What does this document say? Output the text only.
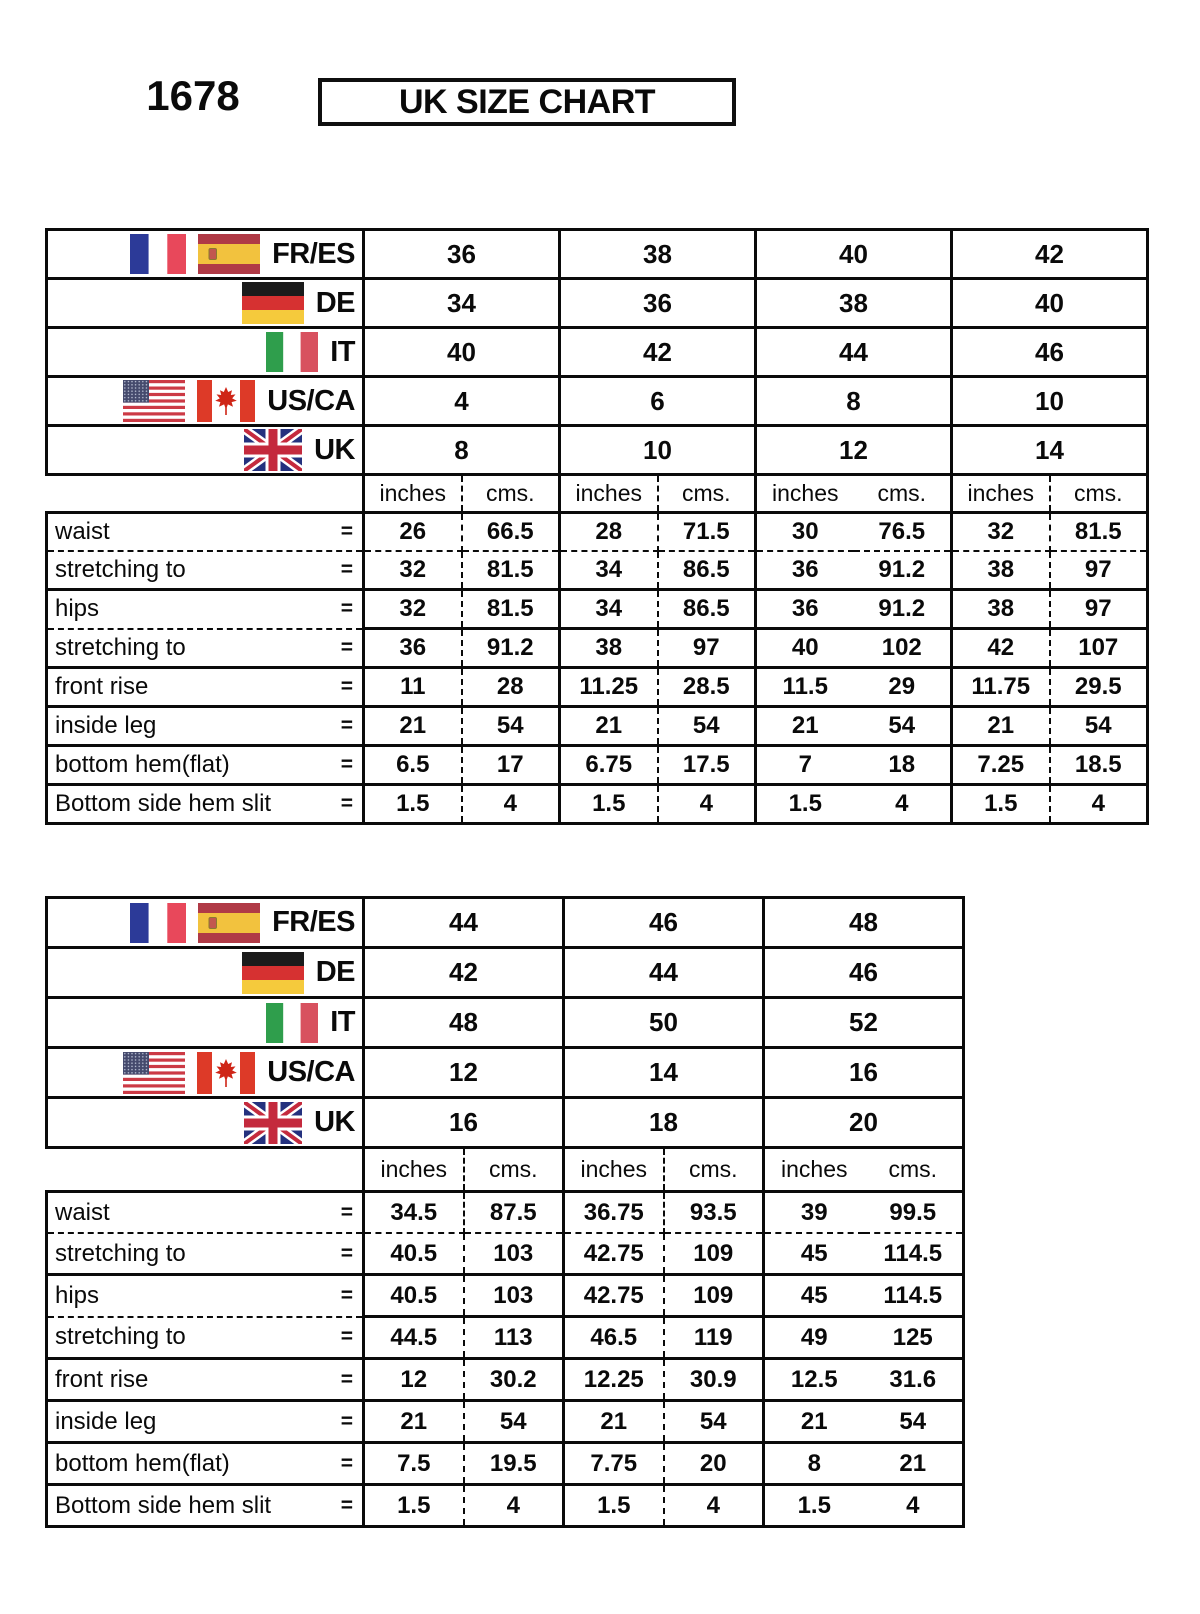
1678	UK SIZE CHART
FR/ES	36		38		40		42	

DE	34		36		38		40	

IT	40		42		44		46	

US/CA	4		6		8		10	

UK	8		10		12		14	
	inches	cms.	inches	cms.	inches	cms.	inches	cms.

waist =	26	66.5	28	71.5	30	76.5	32	81.5

stretching to =	32	81.5	34	86.5	36	91.2	38	97

hips =	32	81.5	34	86.5	36	91.2	38	97

stretching to =	36	91.2	38	97	40	102	42	107

front rise =	11	28	11.25	28.5	11.5	29	11.75	29.5

inside leg =	21	54	21	54	21	54	21	54

bottom hem(flat) =	6.5	17	6.75	17.5	7	18	7.25	18.5

Bottom side hem slit =	1.5	4	1.5	4	1.5	4	1.5	4
FR/ES	44		46		48	

DE	42		44		46	

IT	48		50		52	

US/CA	12		14		16	

UK	16		18		20	
	inches	cms.	inches	cms.	inches	cms.

waist =	34.5	87.5	36.75	93.5	39	99.5

stretching to =	40.5	103	42.75	109	45	114.5

hips =	40.5	103	42.75	109	45	114.5

stretching to =	44.5	113	46.5	119	49	125

front rise =	12	30.2	12.25	30.9	12.5	31.6

inside leg =	21	54	21	54	21	54

bottom hem(flat) =	7.5	19.5	7.75	20	8	21

Bottom side hem slit =	1.5	4	1.5	4	1.5	4
